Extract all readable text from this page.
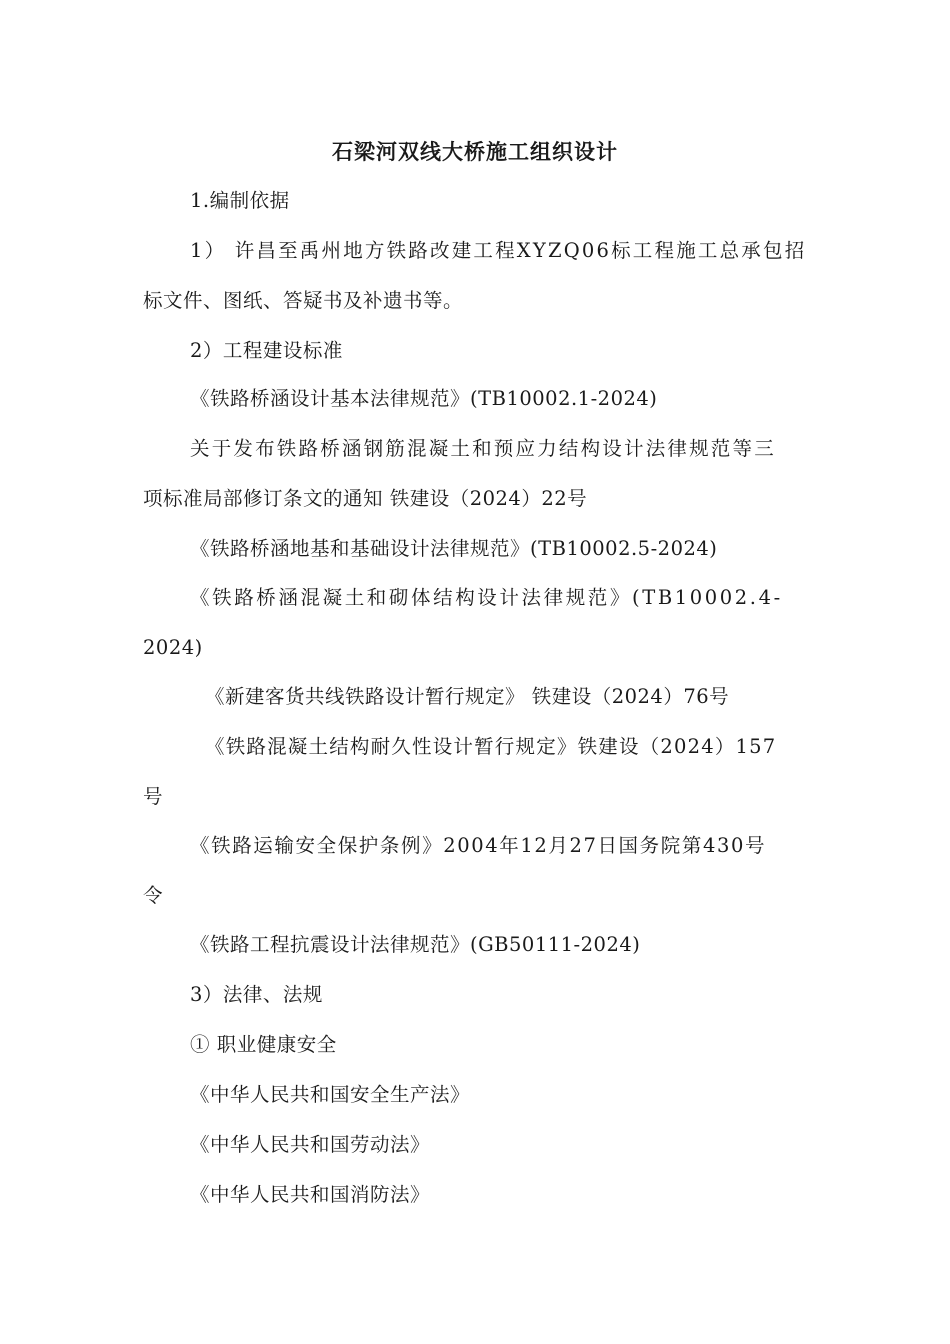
石梁河双线大桥施工组织设计
1.编制依据
1） 许昌至禹州地方铁路改建工程XYZQ06标工程施工总承包招
标文件、图纸、答疑书及补遗书等。
2）工程建设标准
《铁路桥涵设计基本法律规范》(TB10002.1-2024)
关于发布铁路桥涵钢筋混凝土和预应力结构设计法律规范等三
项标准局部修订条文的通知 铁建设（2024）22号
《铁路桥涵地基和基础设计法律规范》(TB10002.5-2024)
《铁路桥涵混凝土和砌体结构设计法律规范》(TB10002.4-
2024)
《新建客货共线铁路设计暂行规定》 铁建设（2024）76号
《铁路混凝土结构耐久性设计暂行规定》铁建设（2024）157
号
《铁路运输安全保护条例》2004年12月27日国务院第430号
令
《铁路工程抗震设计法律规范》(GB50111-2024)
3）法律、法规
① 职业健康安全
《中华人民共和国安全生产法》
《中华人民共和国劳动法》
《中华人民共和国消防法》
